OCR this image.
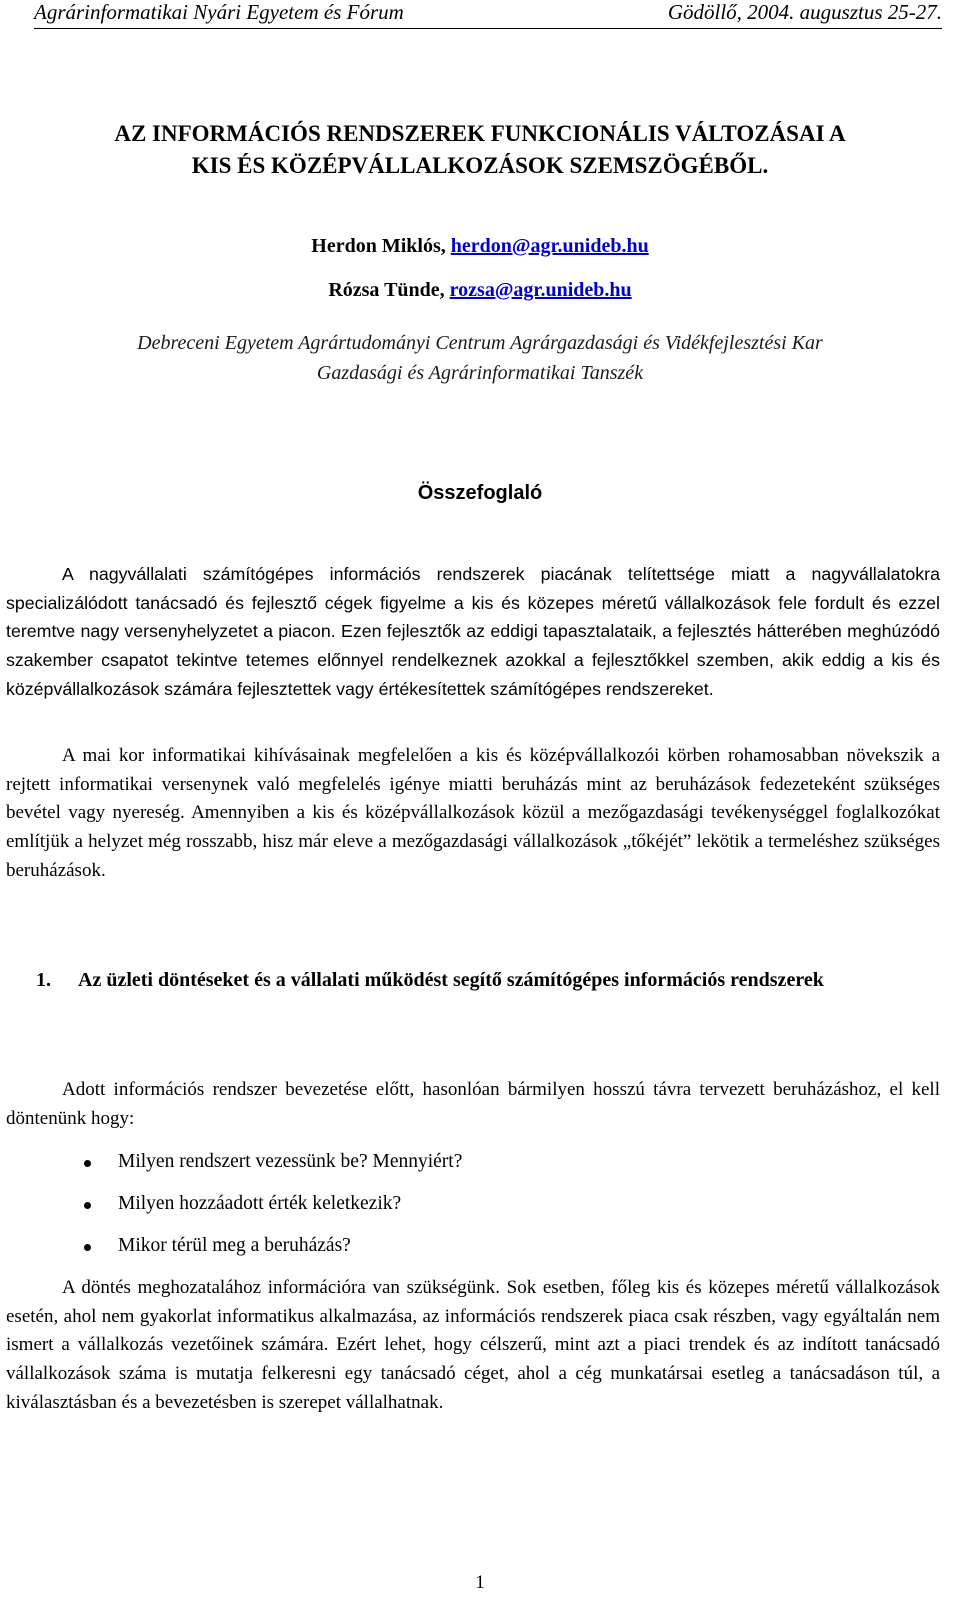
Agrárinformatikai Nyári Egyetem és Fórum	Gödöllő, 2004. augusztus 25-27.
AZ INFORMÁCIÓS RENDSZEREK FUNKCIONÁLIS VÁLTOZÁSAI A
KIS ÉS KÖZÉPVÁLLALKOZÁSOK SZEMSZÖGÉBŐL.
Herdon Miklós, herdon@agr.unideb.hu
Rózsa Tünde, rozsa@agr.unideb.hu
Debreceni Egyetem Agrártudományi Centrum Agrárgazdasági és Vidékfejlesztési Kar
Gazdasági és Agrárinformatikai Tanszék
Összefoglaló

A nagyvállalati számítógépes információs rendszerek piacának telítettsége miatt a nagyvállalatokra specializálódott tanácsadó és fejlesztő cégek figyelme a kis és közepes méretű vállalkozások fele fordult és ezzel teremtve nagy versenyhelyzetet a piacon. Ezen fejlesztők az eddigi tapasztalataik, a fejlesztés hátterében meghúzódó szakember csapatot tekintve tetemes előnnyel rendelkeznek azokkal a fejlesztőkkel szemben, akik eddig a kis és középvállalkozások számára fejlesztettek vagy értékesítettek számítógépes rendszereket.

A mai kor informatikai kihívásainak megfelelően a kis és középvállalkozói körben rohamosabban növekszik a rejtett informatikai versenynek való megfelelés igénye miatti beruházás mint az beruházások fedezeteként szükséges bevétel vagy nyereség. Amennyiben a kis és középvállalkozások közül a mezőgazdasági tevékenységgel foglalkozókat említjük a helyzet még rosszabb, hisz már eleve a mezőgazdasági vállalkozások „tőkéjét” lekötik a termeléshez szükséges beruházások.

1. Az üzleti döntéseket és a vállalati működést segítő számítógépes információs rendszerek

Adott információs rendszer bevezetése előtt, hasonlóan bármilyen hosszú távra tervezett beruházáshoz, el kell döntenünk hogy:

Milyen rendszert vezessünk be? Mennyiért?
Milyen hozzáadott érték keletkezik?
Mikor térül meg a beruházás?

A döntés meghozatalához információra van szükségünk. Sok esetben, főleg kis és közepes méretű vállalkozások esetén, ahol nem gyakorlat informatikus alkalmazása, az információs rendszerek piaca csak részben, vagy egyáltalán nem ismert a vállalkozás vezetőinek számára. Ezért lehet, hogy célszerű, mint azt a piaci trendek és az indított tanácsadó vállalkozások száma is mutatja felkeresni egy tanácsadó céget, ahol a cég munkatársai esetleg a tanácsadáson túl, a kiválasztásban és a bevezetésben is szerepet vállalhatnak.

1
